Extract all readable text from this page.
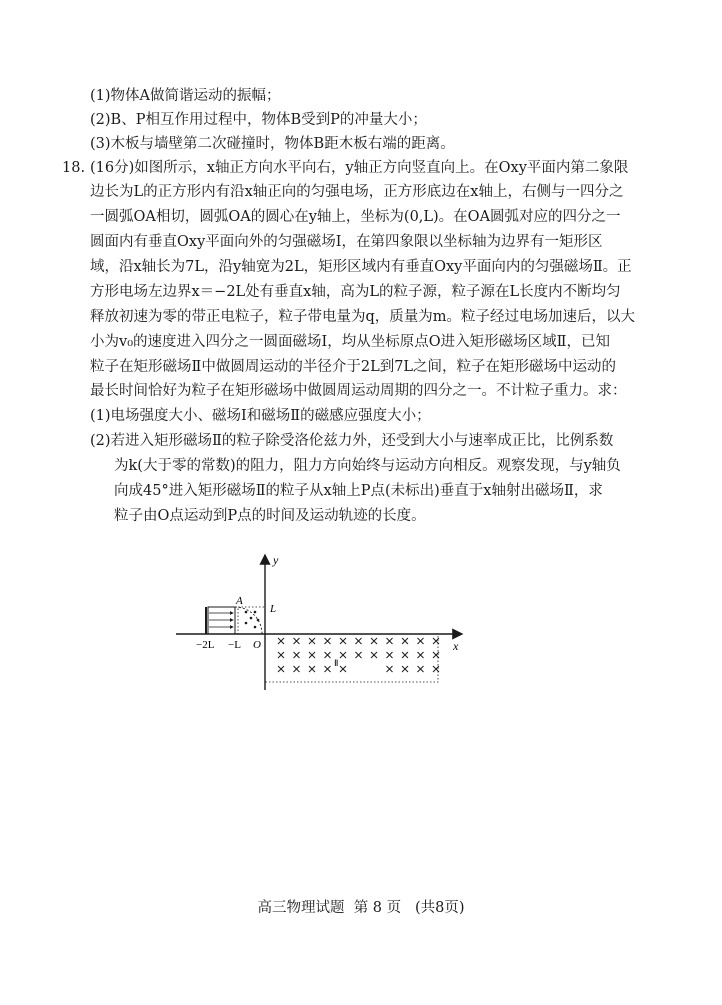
(1)物体A做简谐运动的振幅；
(2)B、P相互作用过程中，物体B受到P的冲量大小；
(3)木板与墙壁第二次碰撞时，物体B距木板右端的距离。
18. (16分)如图所示，x轴正方向水平向右，y轴正方向竖直向上。在Oxy平面内第二象限
边长为L的正方形内有沿x轴正向的匀强电场，正方形底边在x轴上，右侧与一四分之
一圆弧OA相切，圆弧OA的圆心在y轴上，坐标为(0,L)。在OA圆弧对应的四分之一
圆面内有垂直Oxy平面向外的匀强磁场Ⅰ，在第四象限以坐标轴为边界有一矩形区
域，沿x轴长为7L，沿y轴宽为2L，矩形区域内有垂直Oxy平面向内的匀强磁场Ⅱ。正
方形电场左边界x＝−2L处有垂直x轴，高为L的粒子源，粒子源在L长度内不断均匀
释放初速为零的带正电粒子，粒子带电量为q，质量为m。粒子经过电场加速后，以大
小为v₀的速度进入四分之一圆面磁场Ⅰ，均从坐标原点O进入矩形磁场区域Ⅱ，已知
粒子在矩形磁场Ⅱ中做圆周运动的半径介于2L到7L之间，粒子在矩形磁场中运动的
最长时间恰好为粒子在矩形磁场中做圆周运动周期的四分之一。不计粒子重力。求：
(1)电场强度大小、磁场Ⅰ和磁场Ⅱ的磁感应强度大小；
(2)若进入矩形磁场Ⅱ的粒子除受洛伦兹力外，还受到大小与速率成正比，比例系数
为k(大于零的常数)的阻力，阻力方向始终与运动方向相反。观察发现，与y轴负
向成45°进入矩形磁场Ⅱ的粒子从x轴上P点(未标出)垂直于x轴射出磁场Ⅱ，求
粒子由O点运动到P点的时间及运动轨迹的长度。
y
x
−2L −L O
A
L
Ⅱ
高三物理试题  第 8 页   (共8页)
